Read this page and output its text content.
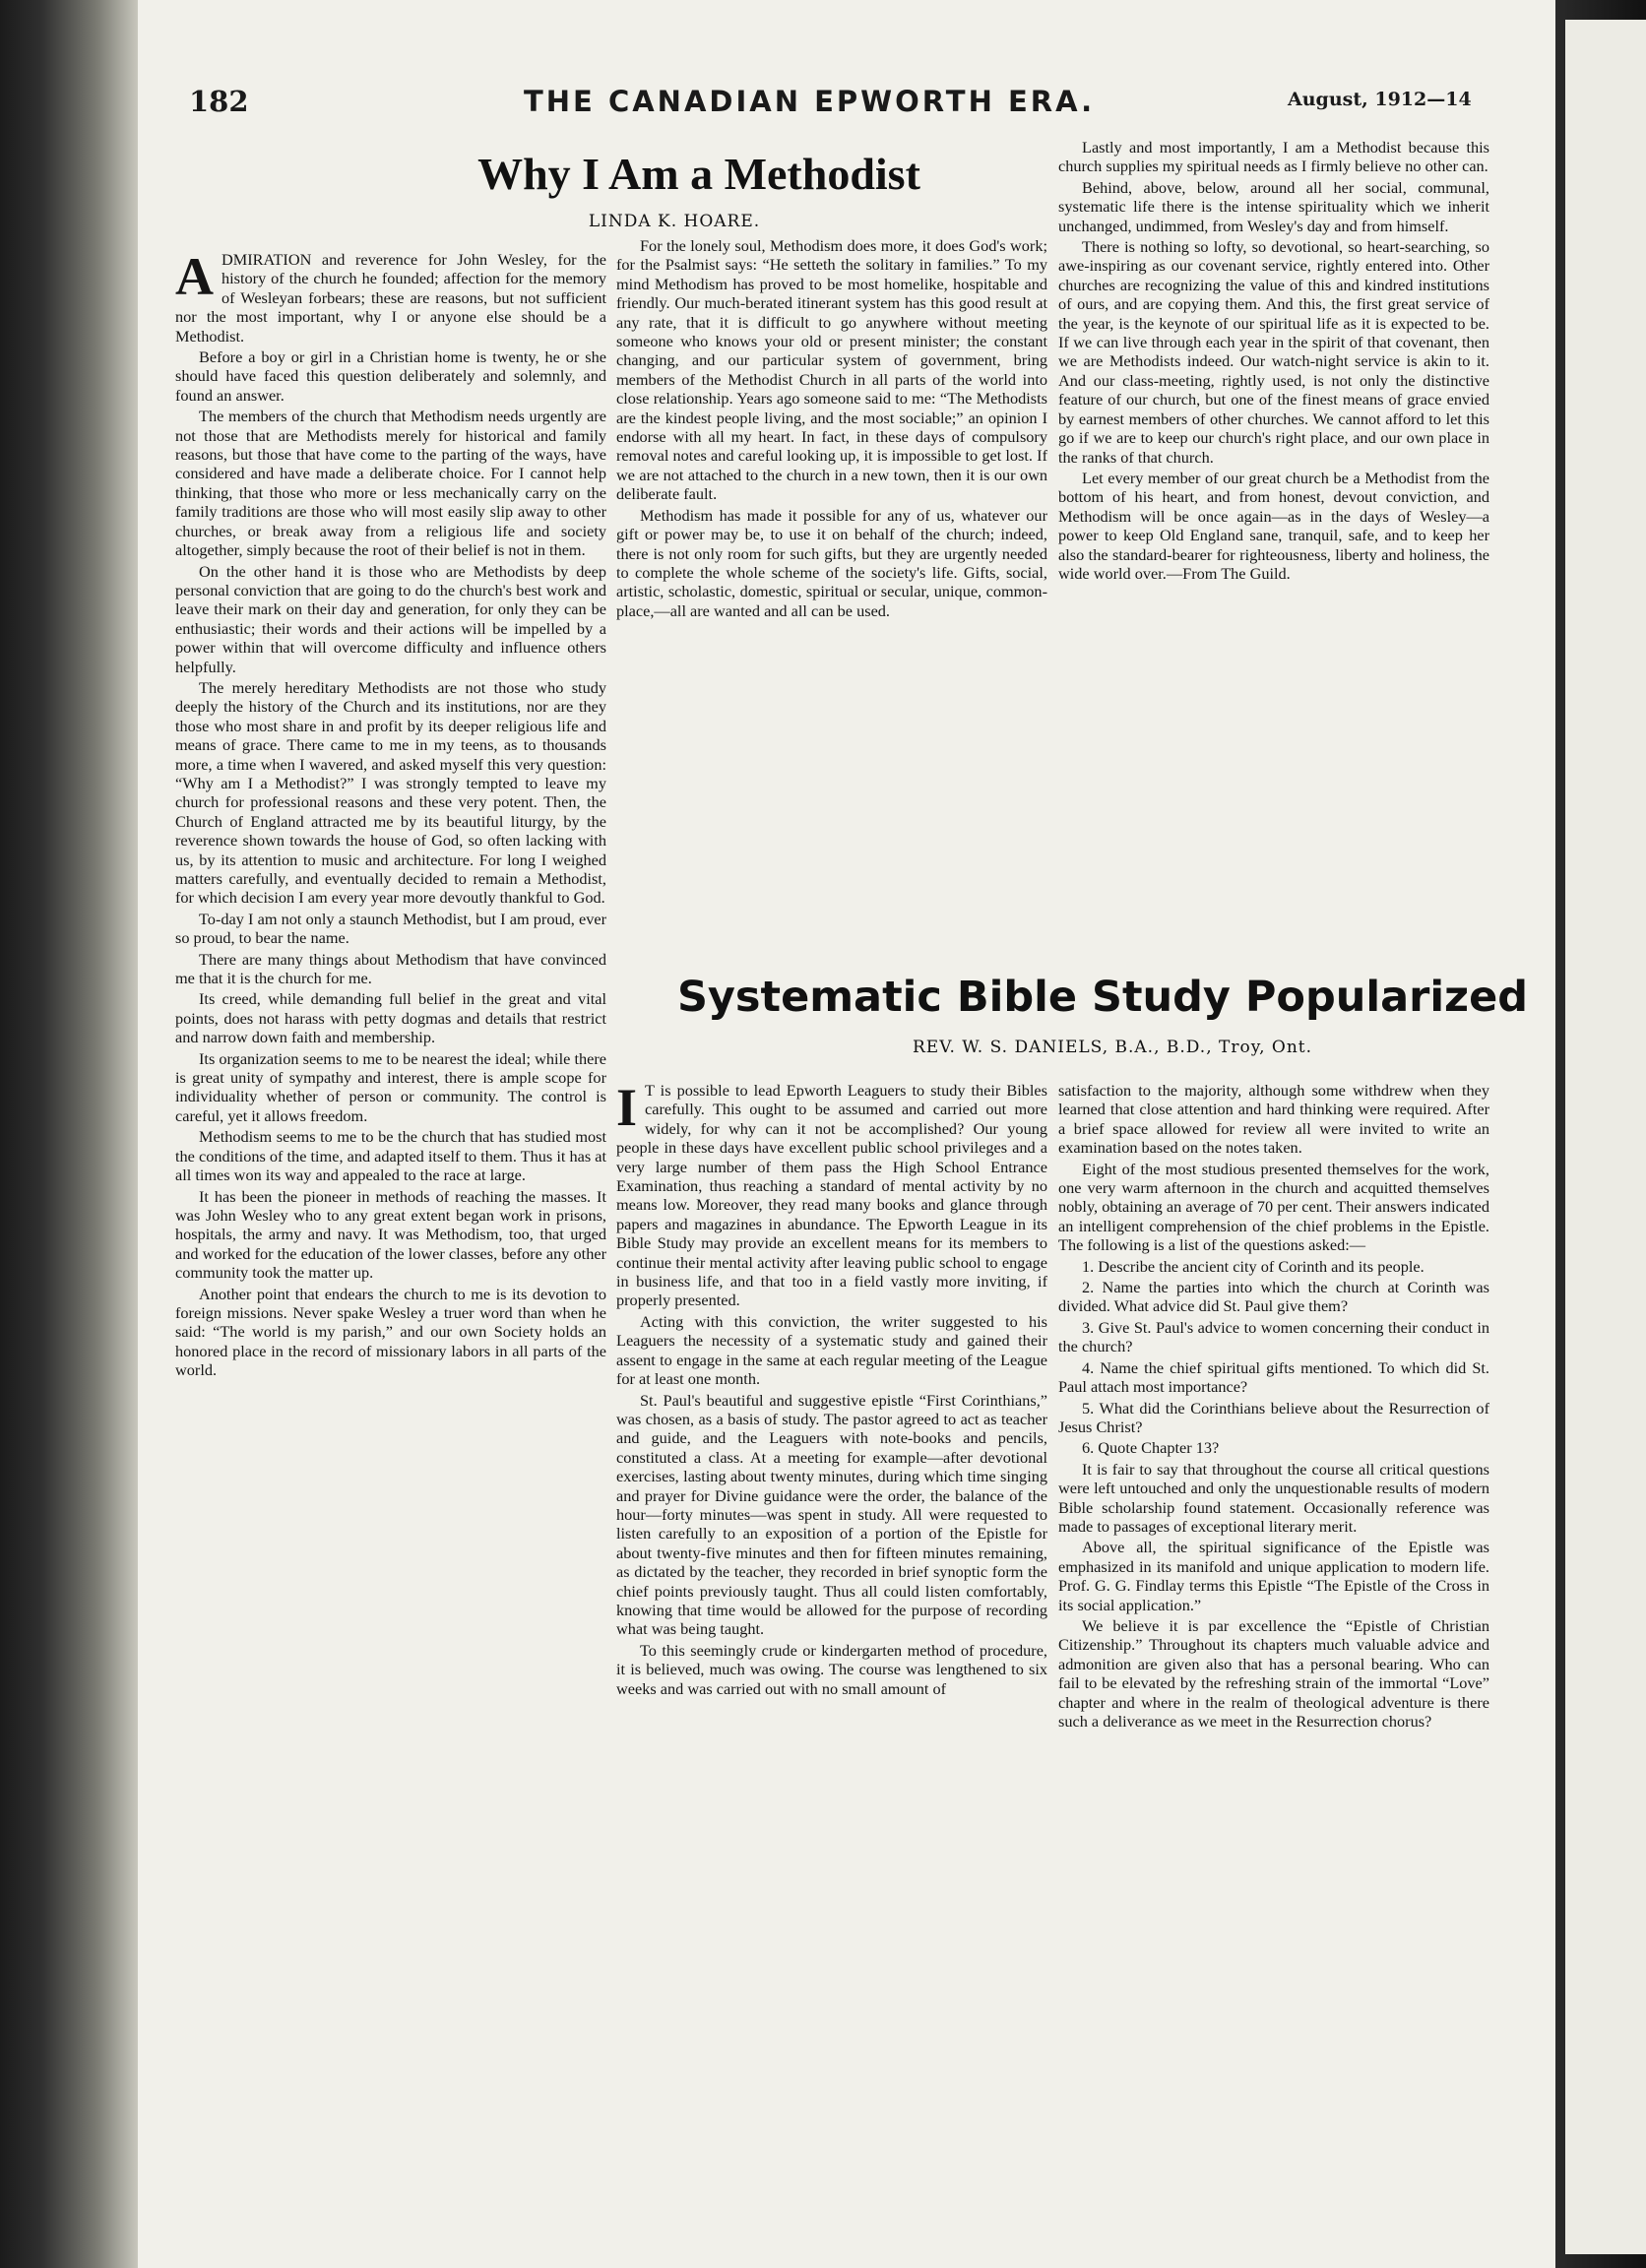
182	THE CANADIAN EPWORTH ERA.	August, 1912—14
Why I Am a Methodist
LINDA K. HOARE.

ADMIRATION and reverence for John Wesley, for the history of the church he founded; affection for the memory of Wesleyan forbears; these are reasons, but not sufficient nor the most important, why I or anyone else should be a Methodist.

Before a boy or girl in a Christian home is twenty, he or she should have faced this question deliberately and solemnly, and found an answer.

The members of the church that Methodism needs urgently are not those that are Methodists merely for historical and family reasons, but those that have come to the parting of the ways, have considered and have made a deliberate choice. For I cannot help thinking, that those who more or less mechanically carry on the family traditions are those who will most easily slip away to other churches, or break away from a religious life and society altogether, simply because the root of their belief is not in them.

On the other hand it is those who are Methodists by deep personal conviction that are going to do the church's best work and leave their mark on their day and generation, for only they can be enthusiastic; their words and their actions will be impelled by a power within that will overcome difficulty and influence others helpfully.

The merely hereditary Methodists are not those who study deeply the history of the Church and its institutions, nor are they those who most share in and profit by its deeper religious life and means of grace. There came to me in my teens, as to thousands more, a time when I wavered, and asked myself this very question: “Why am I a Methodist?” I was strongly tempted to leave my church for professional reasons and these very potent. Then, the Church of England attracted me by its beautiful liturgy, by the reverence shown towards the house of God, so often lacking with us, by its attention to music and architecture. For long I weighed matters carefully, and eventually decided to remain a Methodist, for which decision I am every year more devoutly thankful to God.

To-day I am not only a staunch Methodist, but I am proud, ever so proud, to bear the name.

There are many things about Methodism that have convinced me that it is the church for me.

Its creed, while demanding full belief in the great and vital points, does not harass with petty dogmas and details that restrict and narrow down faith and membership.

Its organization seems to me to be nearest the ideal; while there is great unity of sympathy and interest, there is ample scope for individuality whether of person or community. The control is careful, yet it allows freedom.

Methodism seems to me to be the church that has studied most the conditions of the time, and adapted itself to them. Thus it has at all times won its way and appealed to the race at large.

It has been the pioneer in methods of reaching the masses. It was John Wesley who to any great extent began work in prisons, hospitals, the army and navy. It was Methodism, too, that urged and worked for the education of the lower classes, before any other community took the matter up.

Another point that endears the church to me is its devotion to foreign missions. Never spake Wesley a truer word than when he said: “The world is my parish,” and our own Society holds an honored place in the record of missionary labors in all parts of the world.

For the lonely soul, Methodism does more, it does God's work; for the Psalmist says: “He setteth the solitary in families.” To my mind Methodism has proved to be most homelike, hospitable and friendly. Our much-berated itinerant system has this good result at any rate, that it is difficult to go anywhere without meeting someone who knows your old or present minister; the constant changing, and our particular system of government, bring members of the Methodist Church in all parts of the world into close relationship. Years ago someone said to me: “The Methodists are the kindest people living, and the most sociable;” an opinion I endorse with all my heart. In fact, in these days of compulsory removal notes and careful looking up, it is impossible to get lost. If we are not attached to the church in a new town, then it is our own deliberate fault.

Methodism has made it possible for any of us, whatever our gift or power may be, to use it on behalf of the church; indeed, there is not only room for such gifts, but they are urgently needed to complete the whole scheme of the society's life. Gifts, social, artistic, scholastic, domestic, spiritual or secular, unique, common-place,—all are wanted and all can be used.

Lastly and most importantly, I am a Methodist because this church supplies my spiritual needs as I firmly believe no other can.

Behind, above, below, around all her social, communal, systematic life there is the intense spirituality which we inherit unchanged, undimmed, from Wesley's day and from himself.

There is nothing so lofty, so devotional, so heart-searching, so awe-inspiring as our covenant service, rightly entered into. Other churches are recognizing the value of this and kindred institutions of ours, and are copying them. And this, the first great service of the year, is the keynote of our spiritual life as it is expected to be. If we can live through each year in the spirit of that covenant, then we are Methodists indeed. Our watch-night service is akin to it. And our class-meeting, rightly used, is not only the distinctive feature of our church, but one of the finest means of grace envied by earnest members of other churches. We cannot afford to let this go if we are to keep our church's right place, and our own place in the ranks of that church.

Let every member of our great church be a Methodist from the bottom of his heart, and from honest, devout conviction, and Methodism will be once again—as in the days of Wesley—a power to keep Old England sane, tranquil, safe, and to keep her also the standard-bearer for righteousness, liberty and holiness, the wide world over.—From The Guild.

Systematic Bible Study Popularized
REV. W. S. DANIELS, B.A., B.D., Troy, Ont.

I T is possible to lead Epworth Leaguers to study their Bibles carefully. This ought to be assumed and carried out more widely, for why can it not be accomplished? Our young people in these days have excellent public school privileges and a very large number of them pass the High School Entrance Examination, thus reaching a standard of mental activity by no means low. Moreover, they read many books and glance through papers and magazines in abundance. The Epworth League in its Bible Study may provide an excellent means for its members to continue their mental activity after leaving public school to engage in business life, and that too in a field vastly more inviting, if properly presented.

Acting with this conviction, the writer suggested to his Leaguers the necessity of a systematic study and gained their assent to engage in the same at each regular meeting of the League for at least one month.

St. Paul's beautiful and suggestive epistle “First Corinthians,” was chosen, as a basis of study. The pastor agreed to act as teacher and guide, and the Leaguers with note-books and pencils, constituted a class. At a meeting for example—after devotional exercises, lasting about twenty minutes, during which time singing and prayer for Divine guidance were the order, the balance of the hour—forty minutes—was spent in study. All were requested to listen carefully to an exposition of a portion of the Epistle for about twenty-five minutes and then for fifteen minutes remaining, as dictated by the teacher, they recorded in brief synoptic form the chief points previously taught. Thus all could listen comfortably, knowing that time would be allowed for the purpose of recording what was being taught.

To this seemingly crude or kindergarten method of procedure, it is believed, much was owing. The course was lengthened to six weeks and was carried out with no small amount of

satisfaction to the majority, although some withdrew when they learned that close attention and hard thinking were required. After a brief space allowed for review all were invited to write an examination based on the notes taken.

Eight of the most studious presented themselves for the work, one very warm afternoon in the church and acquitted themselves nobly, obtaining an average of 70 per cent. Their answers indicated an intelligent comprehension of the chief problems in the Epistle. The following is a list of the questions asked:—

1. Describe the ancient city of Corinth and its people.

2. Name the parties into which the church at Corinth was divided. What advice did St. Paul give them?

3. Give St. Paul's advice to women concerning their conduct in the church?

4. Name the chief spiritual gifts mentioned. To which did St. Paul attach most importance?

5. What did the Corinthians believe about the Resurrection of Jesus Christ?

6. Quote Chapter 13?

It is fair to say that throughout the course all critical questions were left untouched and only the unquestionable results of modern Bible scholarship found statement. Occasionally reference was made to passages of exceptional literary merit.

Above all, the spiritual significance of the Epistle was emphasized in its manifold and unique application to modern life. Prof. G. G. Findlay terms this Epistle “The Epistle of the Cross in its social application.”

We believe it is par excellence the “Epistle of Christian Citizenship.” Throughout its chapters much valuable advice and admonition are given also that has a personal bearing. Who can fail to be elevated by the refreshing strain of the immortal “Love” chapter and where in the realm of theological adventure is there such a deliverance as we meet in the Resurrection chorus?
